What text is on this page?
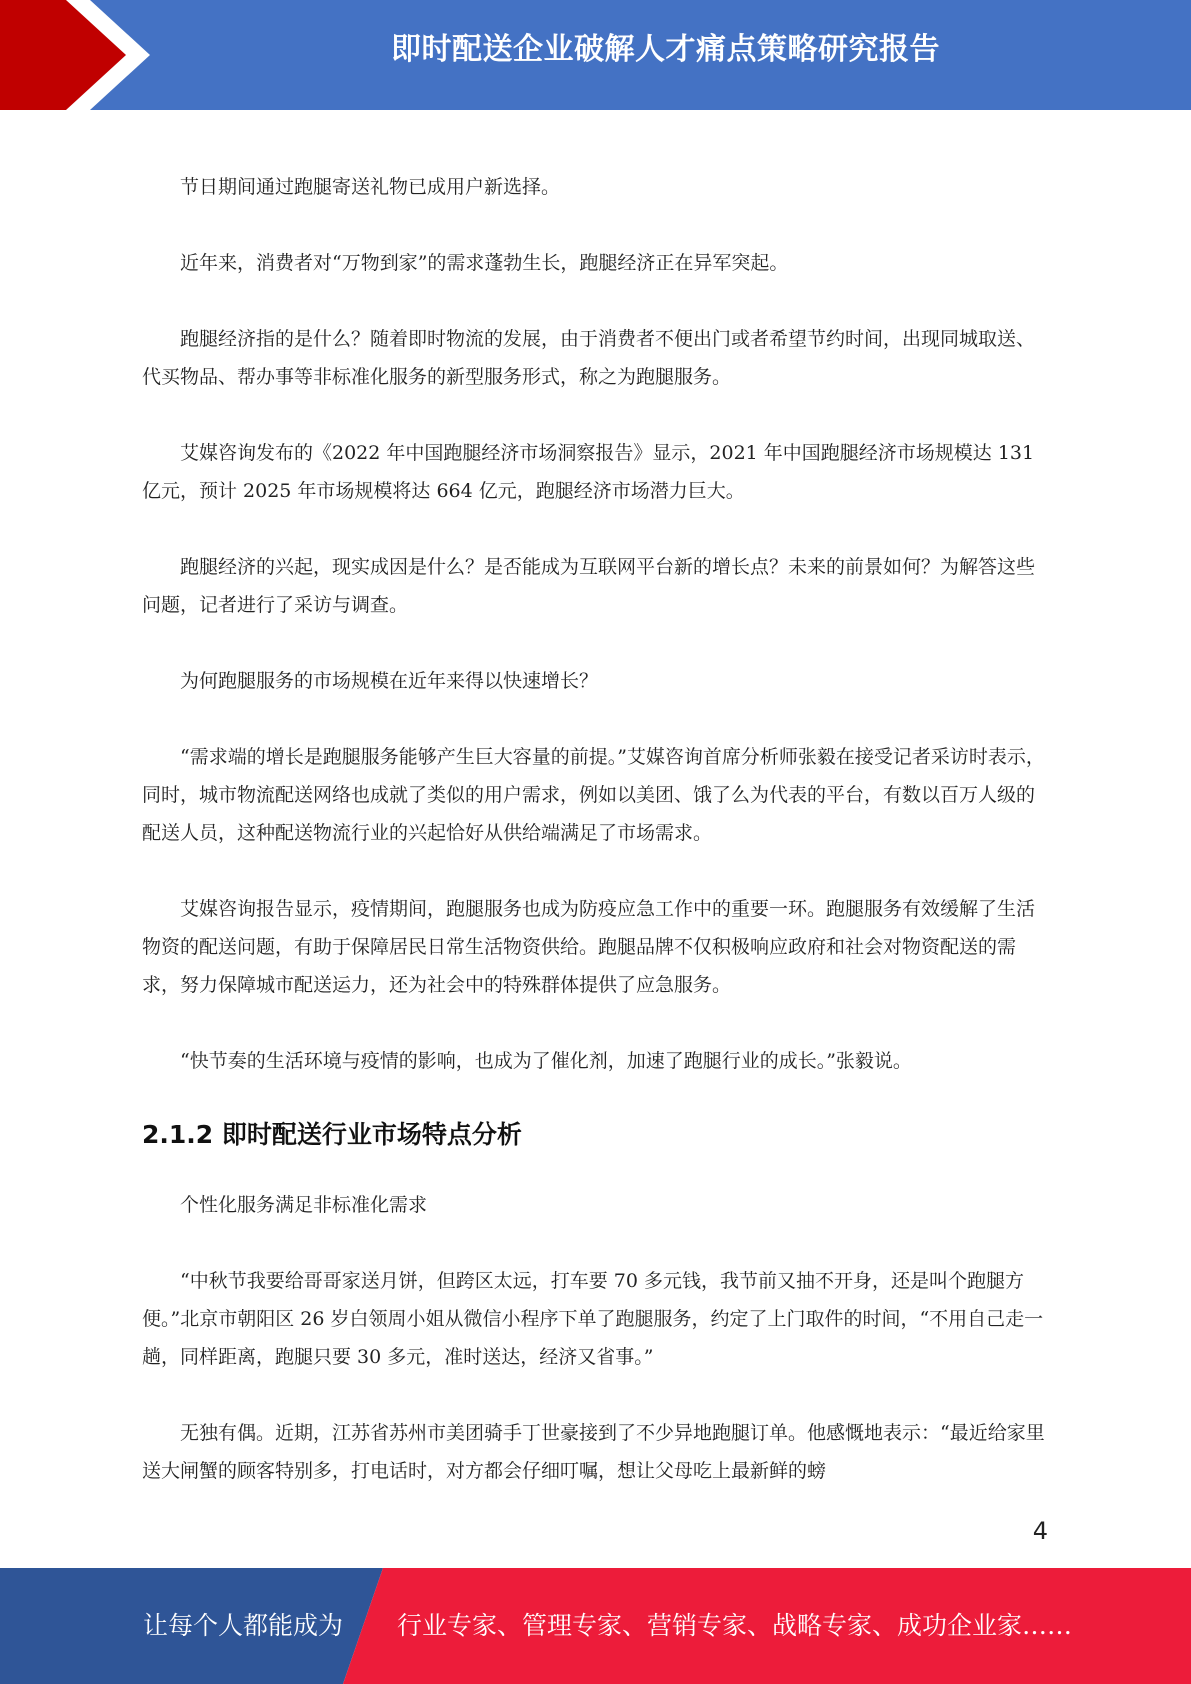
即时配送企业破解人才痛点策略研究报告

节日期间通过跑腿寄送礼物已成用户新选择。

近年来，消费者对“万物到家”的需求蓬勃生长，跑腿经济正在异军突起。

跑腿经济指的是什么？随着即时物流的发展，由于消费者不便出门或者希望节约时间，出现同城取送、代买物品、帮办事等非标准化服务的新型服务形式，称之为跑腿服务。

艾媒咨询发布的《2022 年中国跑腿经济市场洞察报告》显示，2021 年中国跑腿经济市场规模达 131 亿元，预计 2025 年市场规模将达 664 亿元，跑腿经济市场潜力巨大。

跑腿经济的兴起，现实成因是什么？是否能成为互联网平台新的增长点？未来的前景如何？为解答这些问题，记者进行了采访与调查。

为何跑腿服务的市场规模在近年来得以快速增长？

“需求端的增长是跑腿服务能够产生巨大容量的前提。”艾媒咨询首席分析师张毅在接受记者采访时表示，同时，城市物流配送网络也成就了类似的用户需求，例如以美团、饿了么为代表的平台，有数以百万人级的配送人员，这种配送物流行业的兴起恰好从供给端满足了市场需求。

艾媒咨询报告显示，疫情期间，跑腿服务也成为防疫应急工作中的重要一环。跑腿服务有效缓解了生活物资的配送问题，有助于保障居民日常生活物资供给。跑腿品牌不仅积极响应政府和社会对物资配送的需求，努力保障城市配送运力，还为社会中的特殊群体提供了应急服务。

“快节奏的生活环境与疫情的影响，也成为了催化剂，加速了跑腿行业的成长。”张毅说。

2.1.2 即时配送行业市场特点分析

个性化服务满足非标准化需求

“中秋节我要给哥哥家送月饼，但跨区太远，打车要 70 多元钱，我节前又抽不开身，还是叫个跑腿方便。”北京市朝阳区 26 岁白领周小姐从微信小程序下单了跑腿服务，约定了上门取件的时间，“不用自己走一趟，同样距离，跑腿只要 30 多元，准时送达，经济又省事。”

无独有偶。近期，江苏省苏州市美团骑手丁世豪接到了不少异地跑腿订单。他感慨地表示：“最近给家里送大闸蟹的顾客特别多，打电话时，对方都会仔细叮嘱，想让父母吃上最新鲜的螃

4
让每个人都能成为 行业专家、管理专家、营销专家、战略专家、成功企业家……
